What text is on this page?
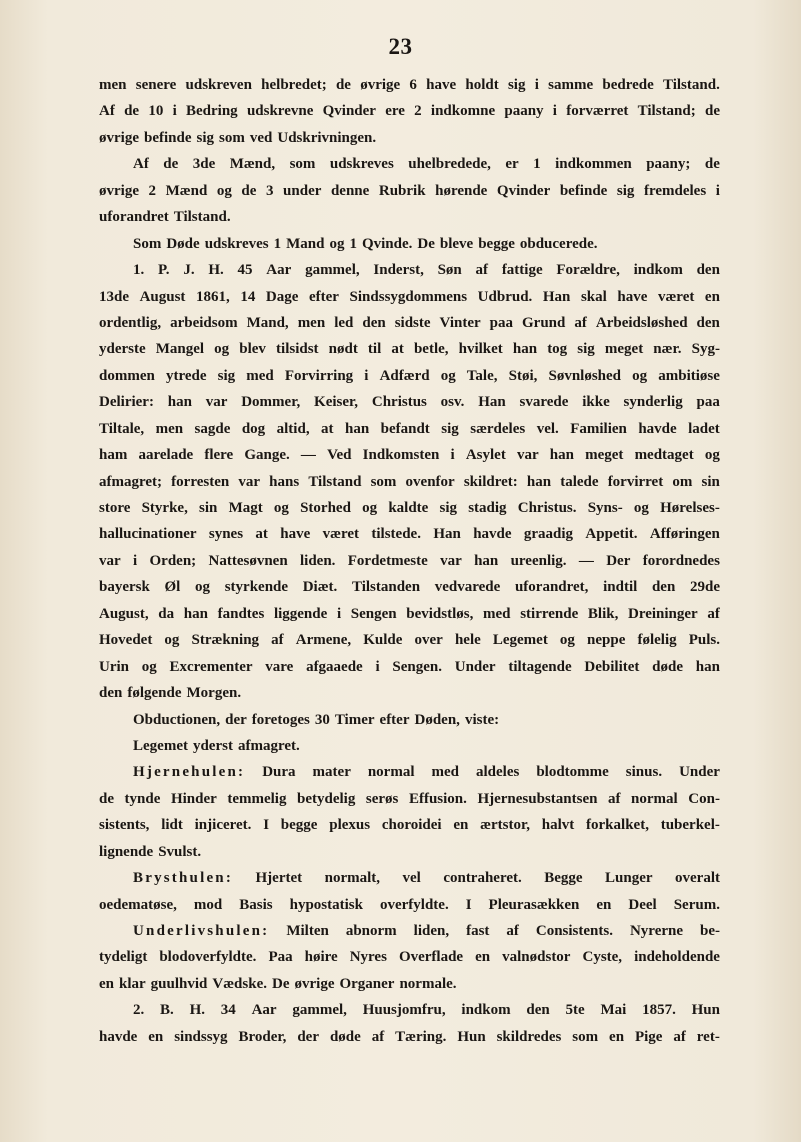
23
men senere udskreven helbredet; de øvrige 6 have holdt sig i samme bedrede Tilstand.
Af de 10 i Bedring udskrevne Qvinder ere 2 indkomne paany i forværret Tilstand; de
øvrige befinde sig som ved Udskrivningen.
Af de 3de Mænd, som udskreves uhelbredede, er 1 indkommen paany; de
øvrige 2 Mænd og de 3 under denne Rubrik hørende Qvinder befinde sig fremdeles i
uforandret Tilstand.
Som Døde udskreves 1 Mand og 1 Qvinde. De bleve begge obducerede.
1. P. J. H. 45 Aar gammel, Inderst, Søn af fattige Forældre, indkom den
13de August 1861, 14 Dage efter Sindssygdommens Udbrud. Han skal have været en
ordentlig, arbeidsom Mand, men led den sidste Vinter paa Grund af Arbeidsløshed den
yderste Mangel og blev tilsidst nødt til at betle, hvilket han tog sig meget nær. Syg-
dommen ytrede sig med Forvirring i Adfærd og Tale, Støi, Søvnløshed og ambitiøse
Delirier: han var Dommer, Keiser, Christus osv. Han svarede ikke synderlig paa
Tiltale, men sagde dog altid, at han befandt sig særdeles vel. Familien havde ladet
ham aarelade flere Gange. — Ved Indkomsten i Asylet var han meget medtaget og
afmagret; forresten var hans Tilstand som ovenfor skildret: han talede forvirret om sin
store Styrke, sin Magt og Storhed og kaldte sig stadig Christus. Syns- og Hørelses-
hallucinationer synes at have været tilstede. Han havde graadig Appetit. Afføringen
var i Orden; Nattesøvnen liden. Fordetmeste var han ureenlig. — Der forordnedes
bayersk Øl og styrkende Diæt. Tilstanden vedvarede uforandret, indtil den 29de
August, da han fandtes liggende i Sengen bevidstløs, med stirrende Blik, Dreininger af
Hovedet og Strækning af Armene, Kulde over hele Legemet og neppe følelig Puls.
Urin og Excrementer vare afgaaede i Sengen. Under tiltagende Debilitet døde han
den følgende Morgen.
Obductionen, der foretoges 30 Timer efter Døden, viste:
Legemet yderst afmagret.
Hjernehulen: Dura mater normal med aldeles blodtomme sinus. Under
de tynde Hinder temmelig betydelig serøs Effusion. Hjernesubstantsen af normal Con-
sistents, lidt injiceret. I begge plexus choroidei en ærtstor, halvt forkalket, tuberkel-
lignende Svulst.
Brysthulen: Hjertet normalt, vel contraheret. Begge Lunger overalt
oedematøse, mod Basis hypostatisk overfyldte. I Pleurasækken en Deel Serum.
Underlivshulen: Milten abnorm liden, fast af Consistents. Nyrerne be-
tydeligt blodoverfyldte. Paa høire Nyres Overflade en valnødstor Cyste, indeholdende
en klar guulhvid Vædske. De øvrige Organer normale.
2. B. H. 34 Aar gammel, Huusjomfru, indkom den 5te Mai 1857. Hun
havde en sindssyg Broder, der døde af Tæring. Hun skildredes som en Pige af ret-
